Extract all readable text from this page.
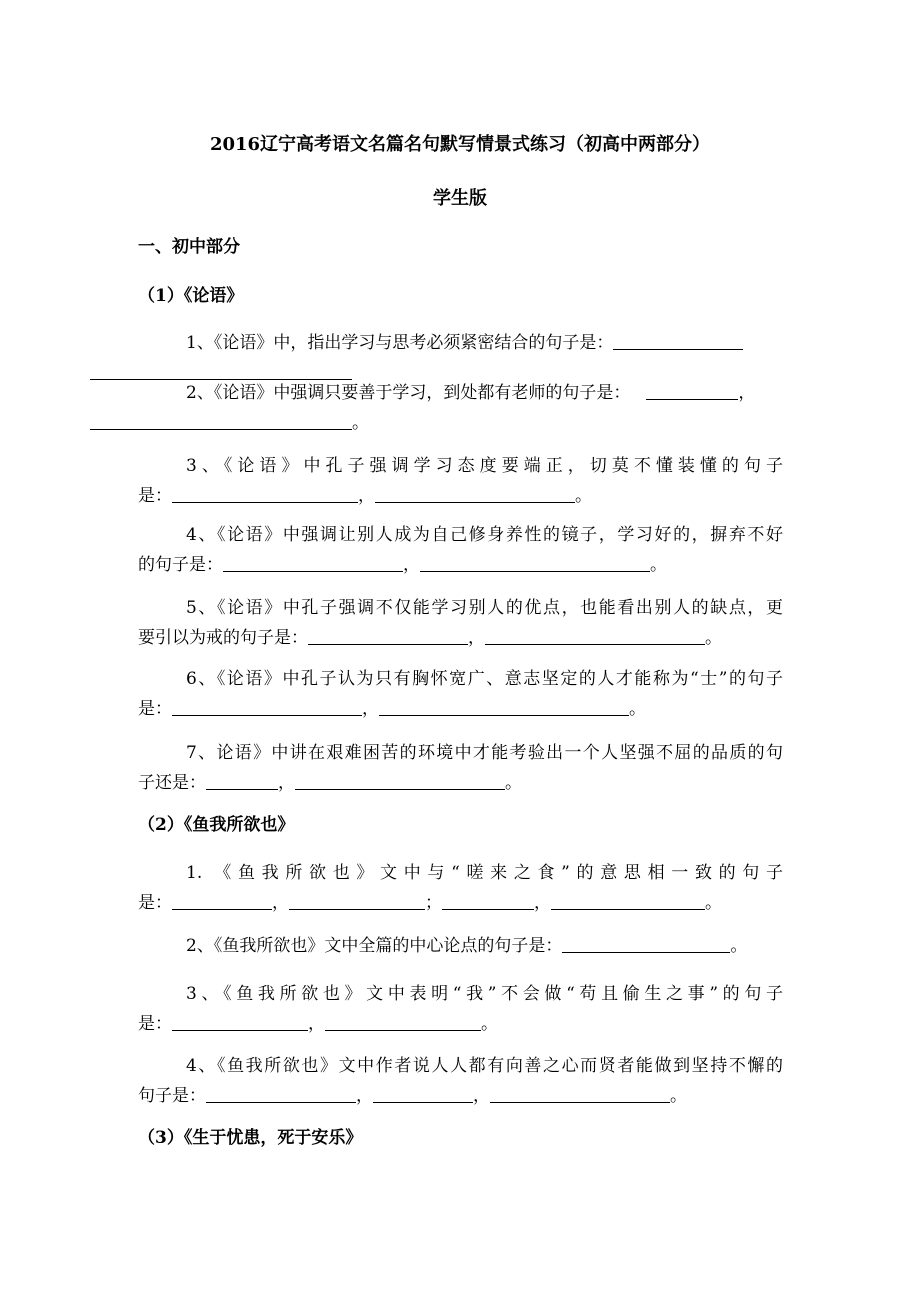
2016辽宁高考语文名篇名句默写情景式练习（初高中两部分）
学生版
一、初中部分
（1）《论语》
1、《论语》中，指出学习与思考必须紧密结合的句子是：

2、《论语》中强调只要善于学习，到处都有老师的句子是：	，
。
3、《论语》中孔子强调学习态度要端正，切莫不懂装懂的句子
是：	，	。
4、《论语》中强调让别人成为自己修身养性的镜子，学习好的，摒弃不好
的句子是：	，	。
5、《论语》中孔子强调不仅能学习别人的优点，也能看出别人的缺点，更
要引以为戒的句子是：	，	。
6、《论语》中孔子认为只有胸怀宽广、意志坚定的人才能称为“士”的句子
是：	，	。
7、论语》中讲在艰难困苦的环境中才能考验出一个人坚强不屈的品质的句
子还是：	，	。
（2）《鱼我所欲也》
1. 《鱼我所欲也》文中与“嗟来之食”的意思相一致的句子
是：	，	；	，	。
2、《鱼我所欲也》文中全篇的中心论点的句子是：	。
3、《鱼我所欲也》文中表明“我”不会做“苟且偷生之事”的句子
是：	，	。
4、《鱼我所欲也》文中作者说人人都有向善之心而贤者能做到坚持不懈的
句子是：	，	，	。
（3）《生于忧患，死于安乐》
